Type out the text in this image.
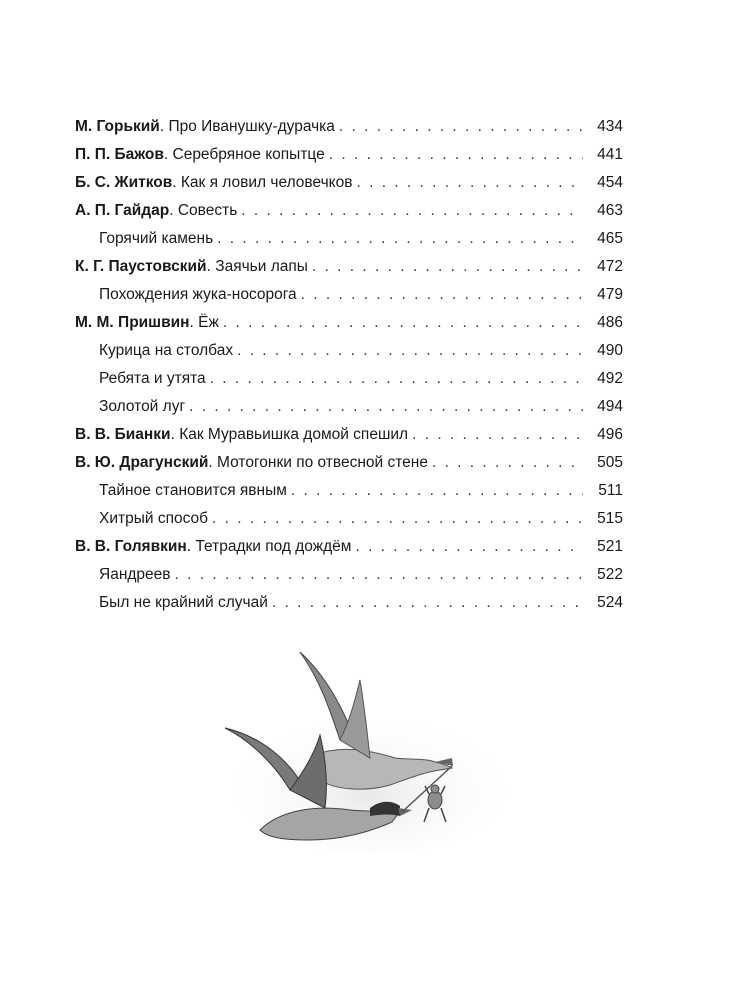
М. Горький . Про Иванушку-дурачка . . .	434
П. П. Бажов . Серебряное копытце . . .	441
Б. С. Житков . Как я ловил человечков . . .	454
А. П. Гайдар . Совесть . . .	463
Горячий камень . . .	465
К. Г. Паустовский . Заячьи лапы . . .	472
Похождения жука-носорога . . .	479
М. М. Пришвин . Ёж . . .	486
Курица на столбах . . .	490
Ребята и утята . . .	492
Золотой луг . . .	494
В. В. Бианки . Как Муравьишка домой спешил . . .	496
В. Ю. Драгунский . Мотогонки по отвесной стене . . .	505
Тайное становится явным . . .	511
Хитрый способ . . .	515
В. В. Голявкин . Тетрадки под дождём . . .	521
Яандреев . . .	522
Был не крайний случай . . .	524
